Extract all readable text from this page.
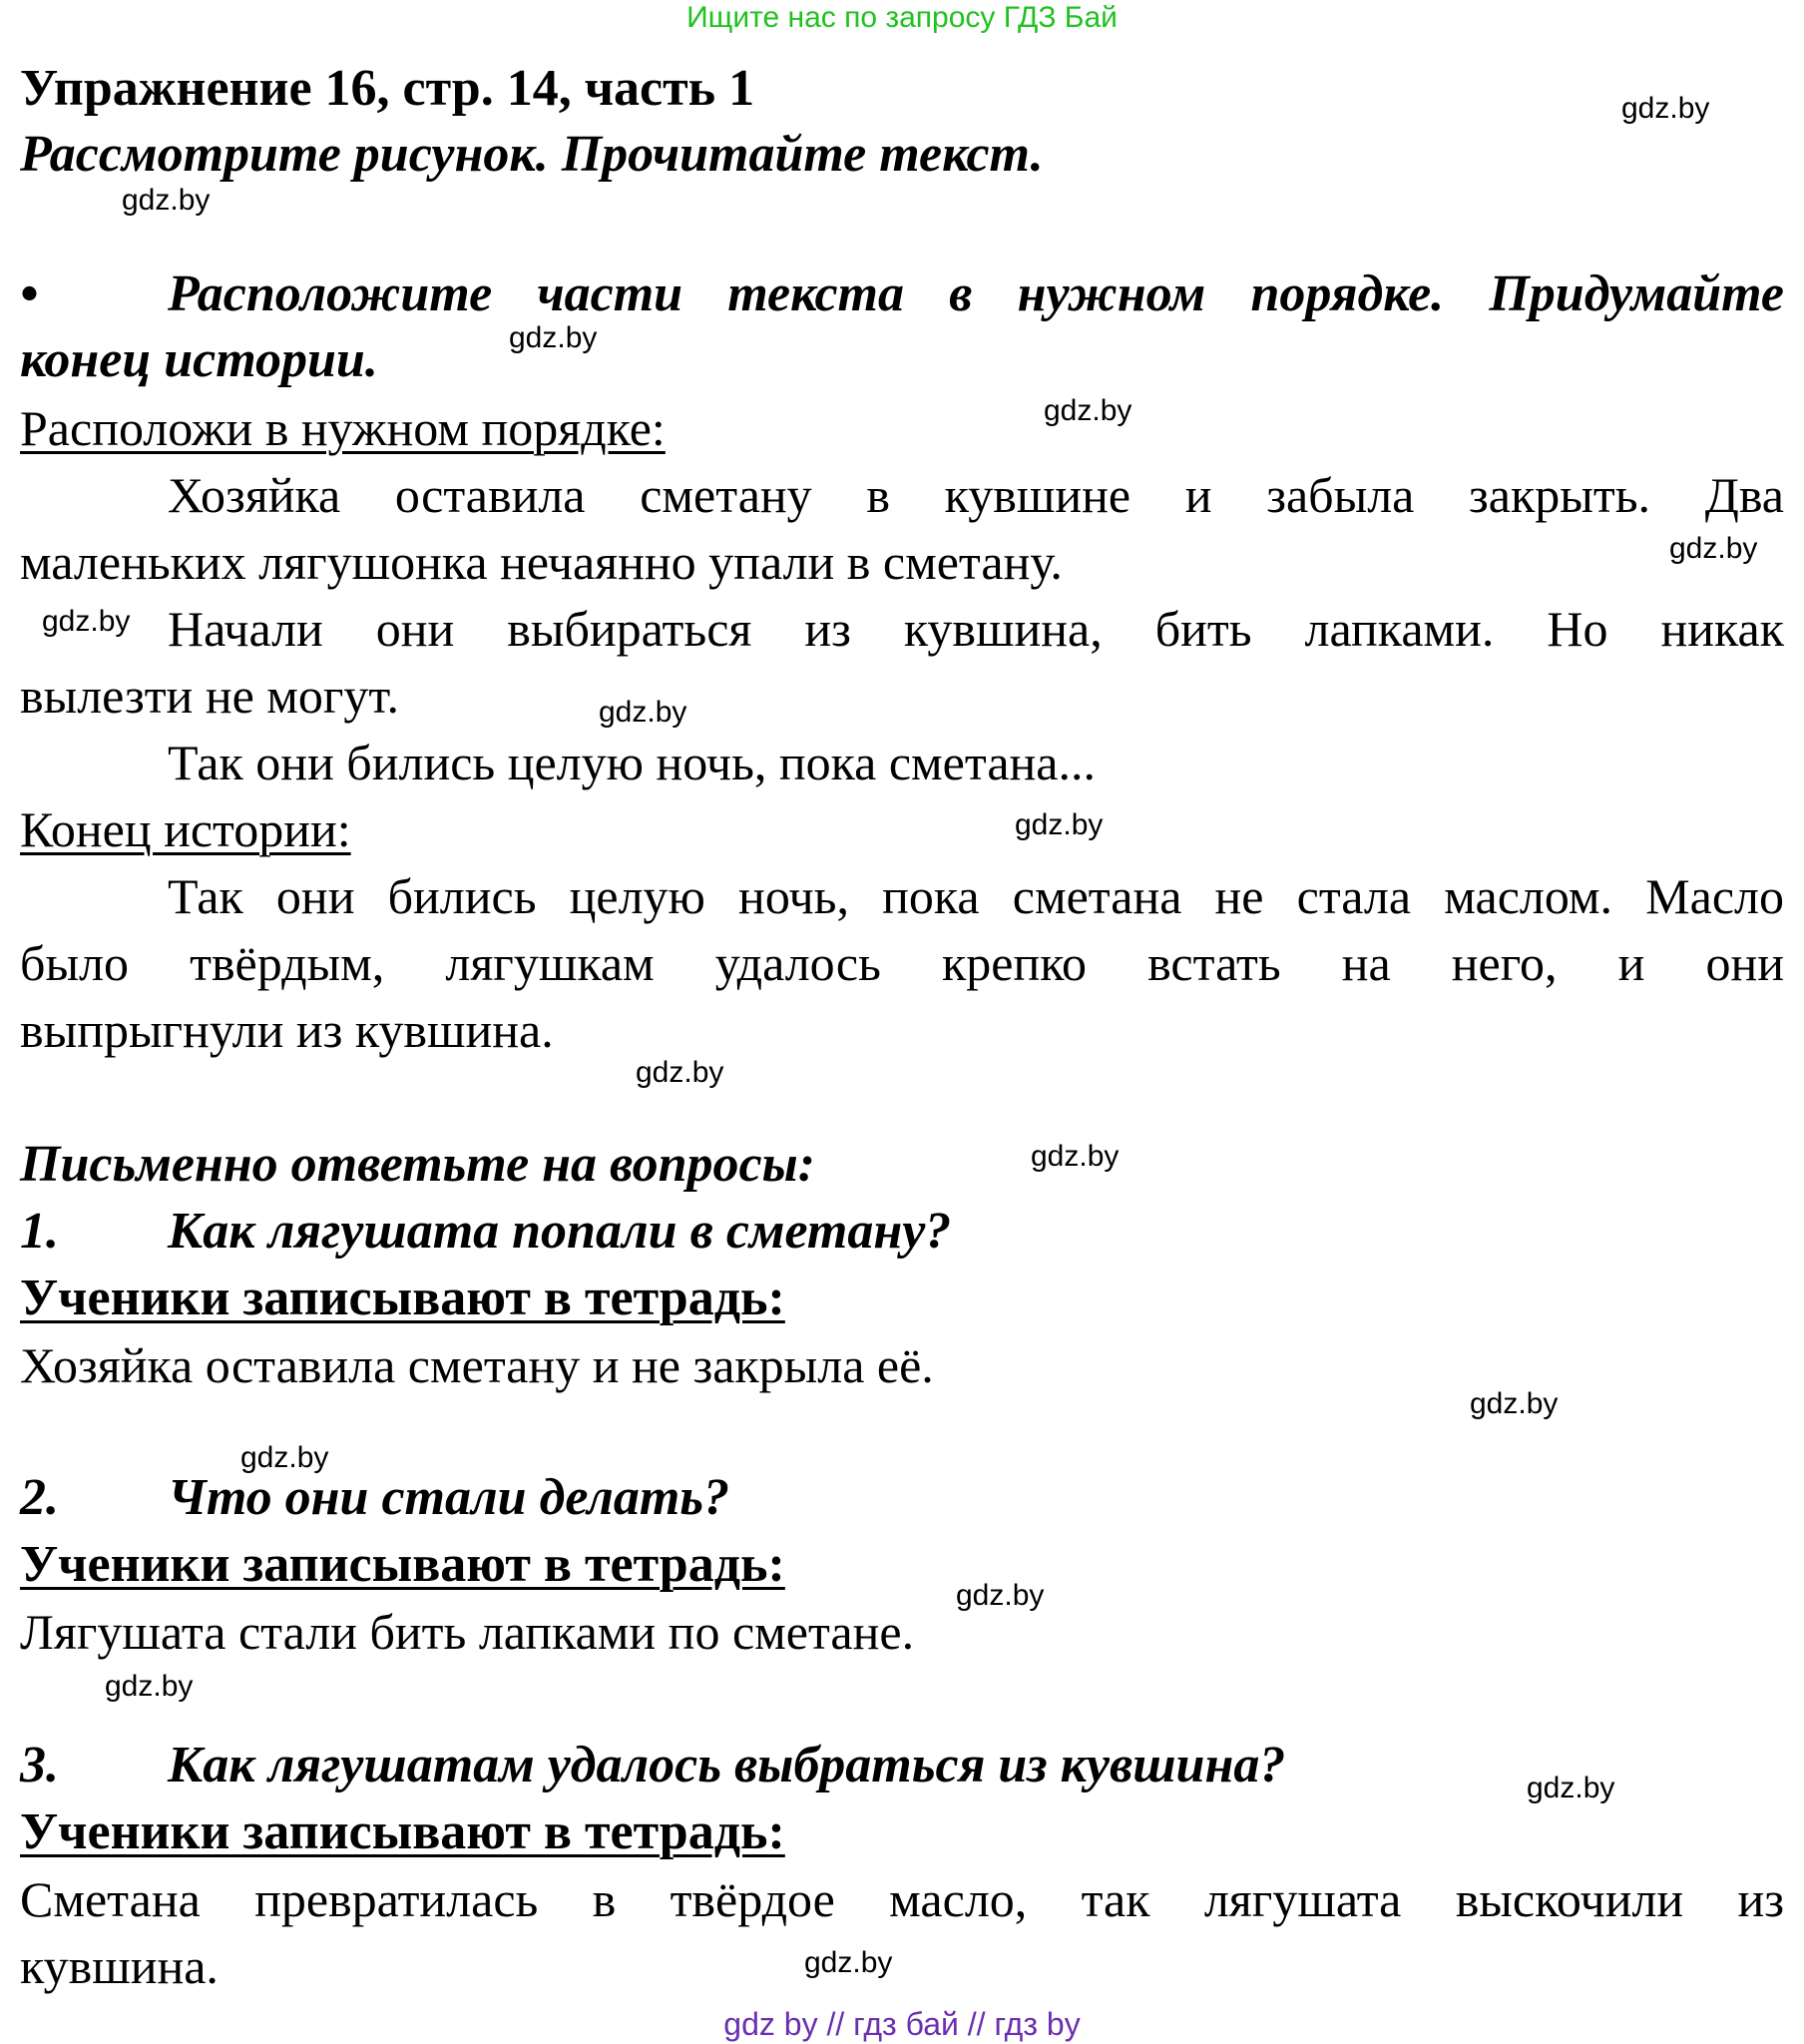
Ищите нас по запросу ГДЗ Бай
Упражнение 16, стр. 14, часть 1
Рассмотрите рисунок. Прочитайте текст.
• Расположите части текста в нужном порядке. Придумайте
конец истории.
Расположи в нужном порядке:
Хозяйка оставила сметану в кувшине и забыла закрыть. Два
маленьких лягушонка нечаянно упали в сметану.
Начали они выбираться из кувшина, бить лапками. Но никак
вылезти не могут.
Так они бились целую ночь, пока сметана...
Конец истории:
Так они бились целую ночь, пока сметана не стала маслом. Масло
было твёрдым, лягушкам удалось крепко встать на него, и они
выпрыгнули из кувшина.
Письменно ответьте на вопросы:
1. Как лягушата попали в сметану?
Ученики записывают в тетрадь:
Хозяйка оставила сметану и не закрыла её.
2. Что они стали делать?
Ученики записывают в тетрадь:
Лягушата стали бить лапками по сметане.
3. Как лягушатам удалось выбраться из кувшина?
Ученики записывают в тетрадь:
Сметана превратилась в твёрдое масло, так лягушата выскочили из
кувшина.
gdz.by
gdz.by
gdz.by
gdz.by
gdz.by
gdz.by
gdz.by
gdz.by
gdz.by
gdz.by
gdz.by
gdz.by
gdz.by
gdz.by
gdz.by
gdz.by
gdz by // гдз бай // гдз by
